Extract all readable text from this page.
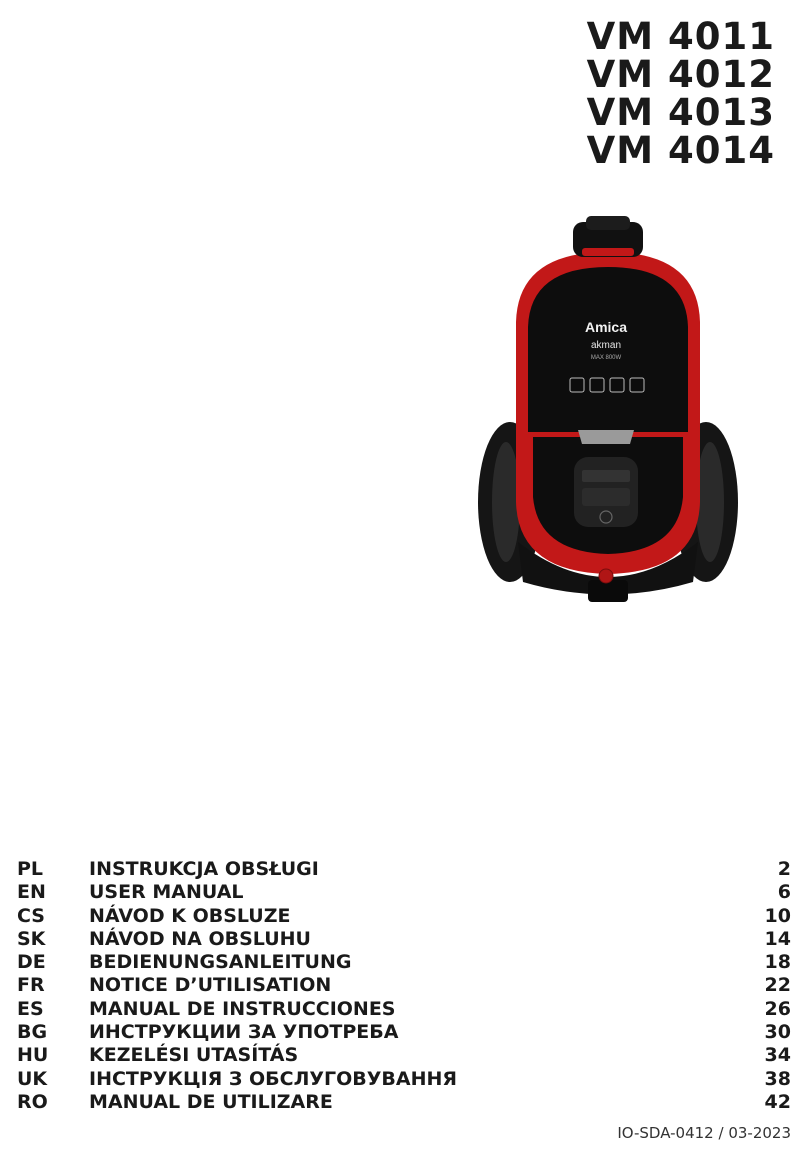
VM 4011
VM 4012
VM 4013
VM 4014
Amica
akman
MAX 800W
PL INSTRUKCJA OBSŁUGI	2
EN USER MANUAL	6
CS NÁVOD K OBSLUZE	10
SK NÁVOD NA OBSLUHU	14
DE BEDIENUNGSANLEITUNG	18
FR NOTICE D’UTILISATION	22
ES MANUAL DE INSTRUCCIONES	26
BG ИНСТРУКЦИИ ЗА УПОТРЕБА	30
HU KEZELÉSI UTASÍTÁS	34
UK ІНСТРУКЦІЯ З ОБСЛУГОВУВАННЯ	38
RO MANUAL DE UTILIZARE	42
IO-SDA-0412 / 03-2023
